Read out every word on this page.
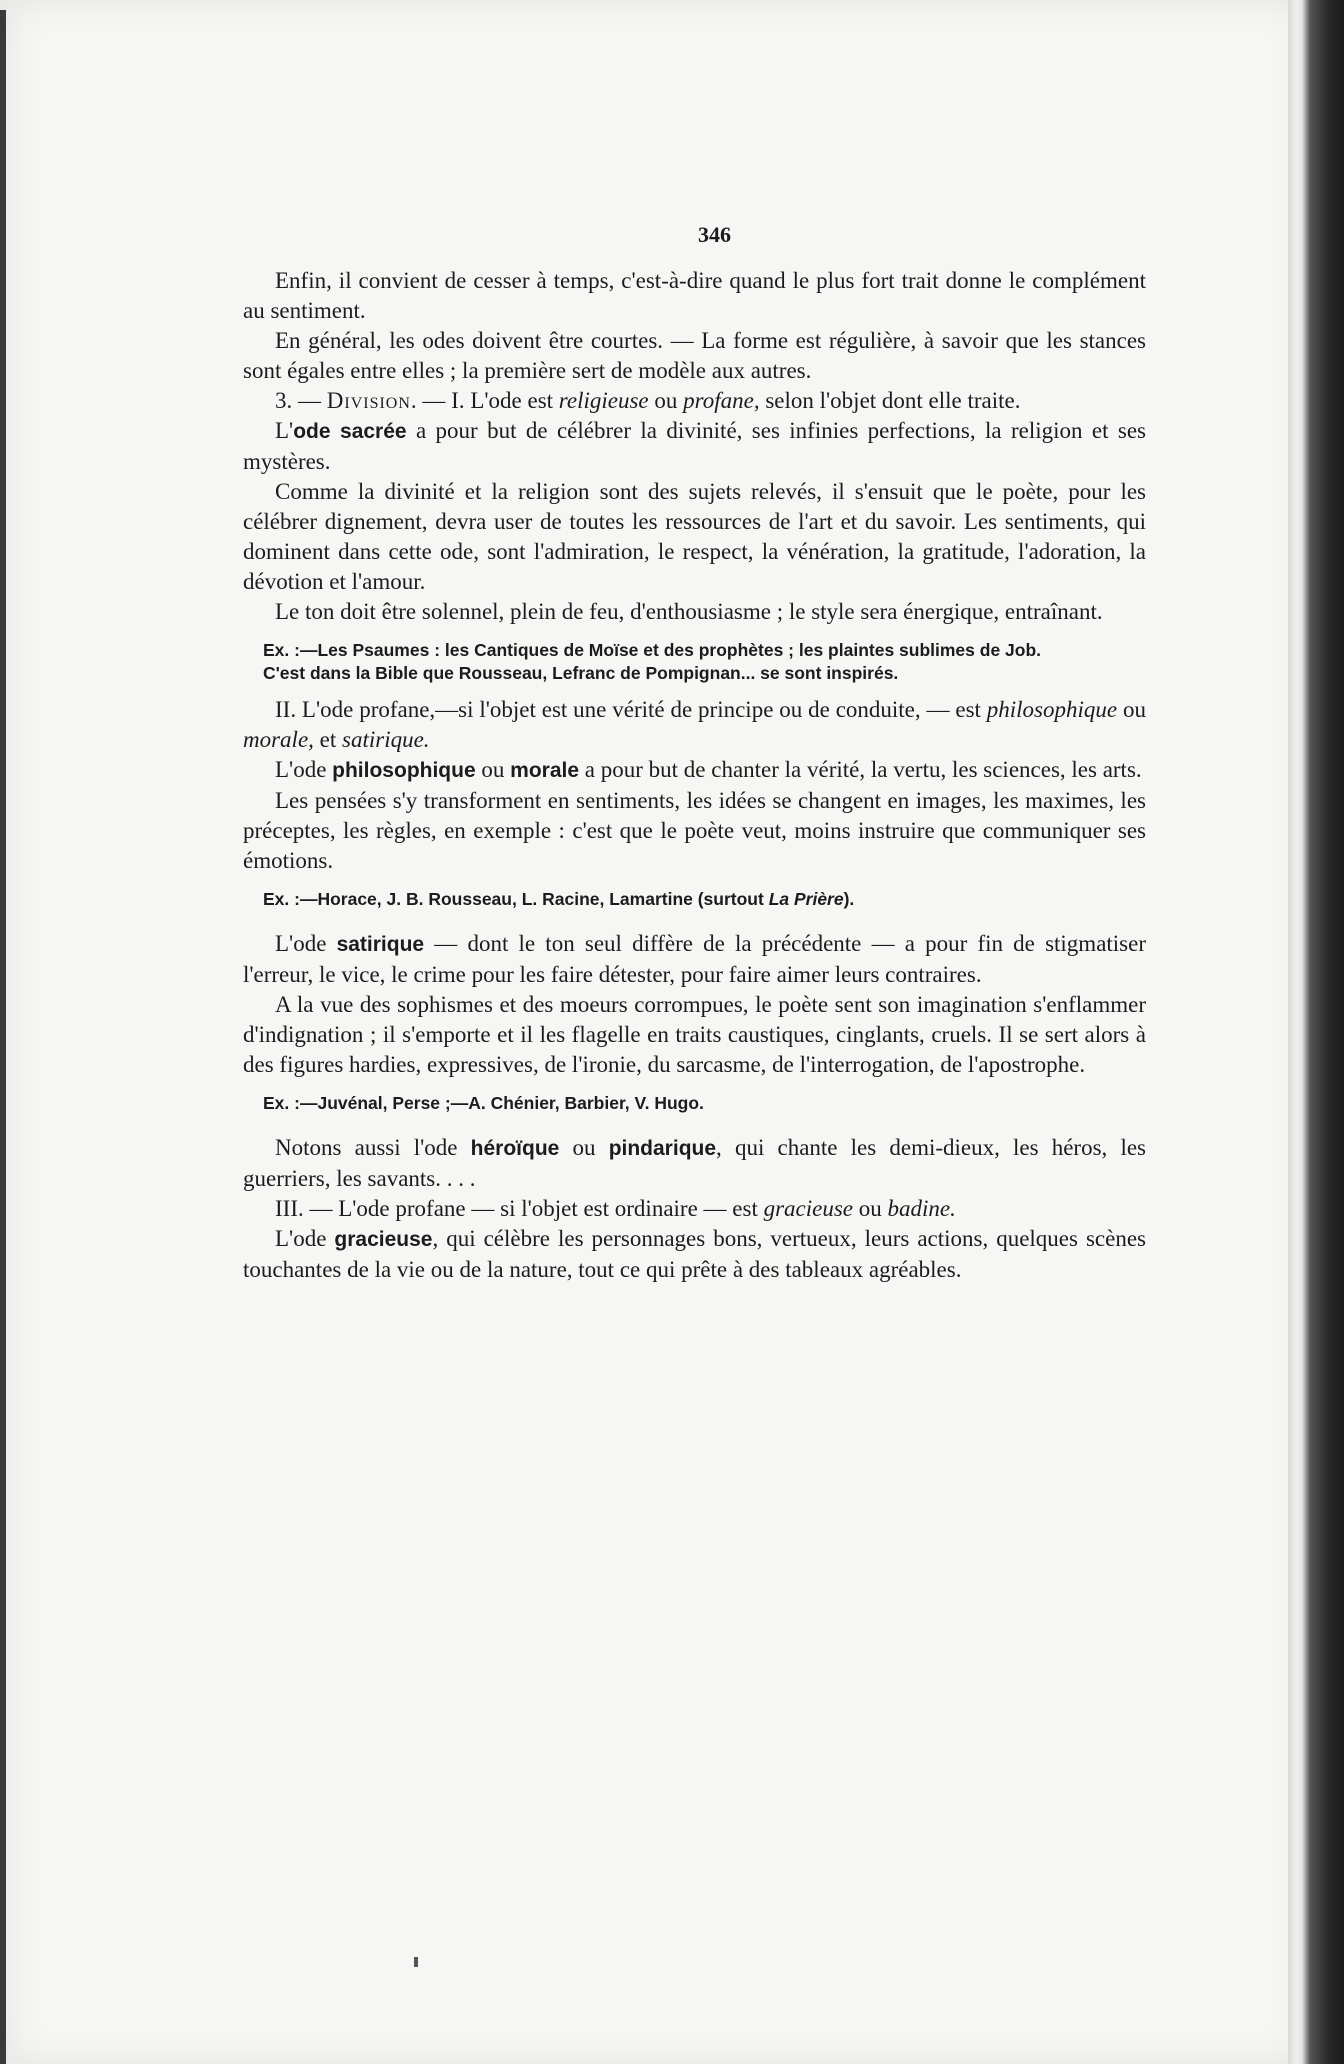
346

Enfin, il convient de cesser à temps, c'est-à-dire quand le plus fort trait donne le complément au sentiment.

En général, les odes doivent être courtes. — La forme est régulière, à savoir que les stances sont égales entre elles ; la première sert de modèle aux autres.

3. — Division. — I. L'ode est religieuse ou profane, selon l'objet dont elle traite.

L'ode sacrée a pour but de célébrer la divinité, ses infinies perfections, la religion et ses mystères.

Comme la divinité et la religion sont des sujets relevés, il s'ensuit que le poète, pour les célébrer dignement, devra user de toutes les ressources de l'art et du savoir. Les sentiments, qui dominent dans cette ode, sont l'admiration, le respect, la vénération, la gratitude, l'adoration, la dévotion et l'amour.

Le ton doit être solennel, plein de feu, d'enthousiasme ; le style sera énergique, entraînant.

Ex. :—Les Psaumes : les Cantiques de Moïse et des prophètes ; les plaintes sublimes de Job.

C'est dans la Bible que Rousseau, Lefranc de Pompignan... se sont inspirés.

II. L'ode profane,—si l'objet est une vérité de principe ou de conduite, — est philosophique ou morale, et satirique.

L'ode philosophique ou morale a pour but de chanter la vérité, la vertu, les sciences, les arts.

Les pensées s'y transforment en sentiments, les idées se changent en images, les maximes, les préceptes, les règles, en exemple : c'est que le poète veut, moins instruire que communiquer ses émotions.

Ex. :—Horace, J. B. Rousseau, L. Racine, Lamartine (surtout La Prière).

L'ode satirique — dont le ton seul diffère de la précédente — a pour fin de stigmatiser l'erreur, le vice, le crime pour les faire détester, pour faire aimer leurs contraires.

A la vue des sophismes et des moeurs corrompues, le poète sent son imagination s'enflammer d'indignation ; il s'emporte et il les flagelle en traits caustiques, cinglants, cruels. Il se sert alors à des figures hardies, expressives, de l'ironie, du sarcasme, de l'interrogation, de l'apostrophe.

Ex. :—Juvénal, Perse ;—A. Chénier, Barbier, V. Hugo.

Notons aussi l'ode héroïque ou pindarique, qui chante les demi-dieux, les héros, les guerriers, les savants. . . .

III. — L'ode profane — si l'objet est ordinaire — est gracieuse ou badine.

L'ode gracieuse, qui célèbre les personnages bons, vertueux, leurs actions, quelques scènes touchantes de la vie ou de la nature, tout ce qui prête à des tableaux agréables.
